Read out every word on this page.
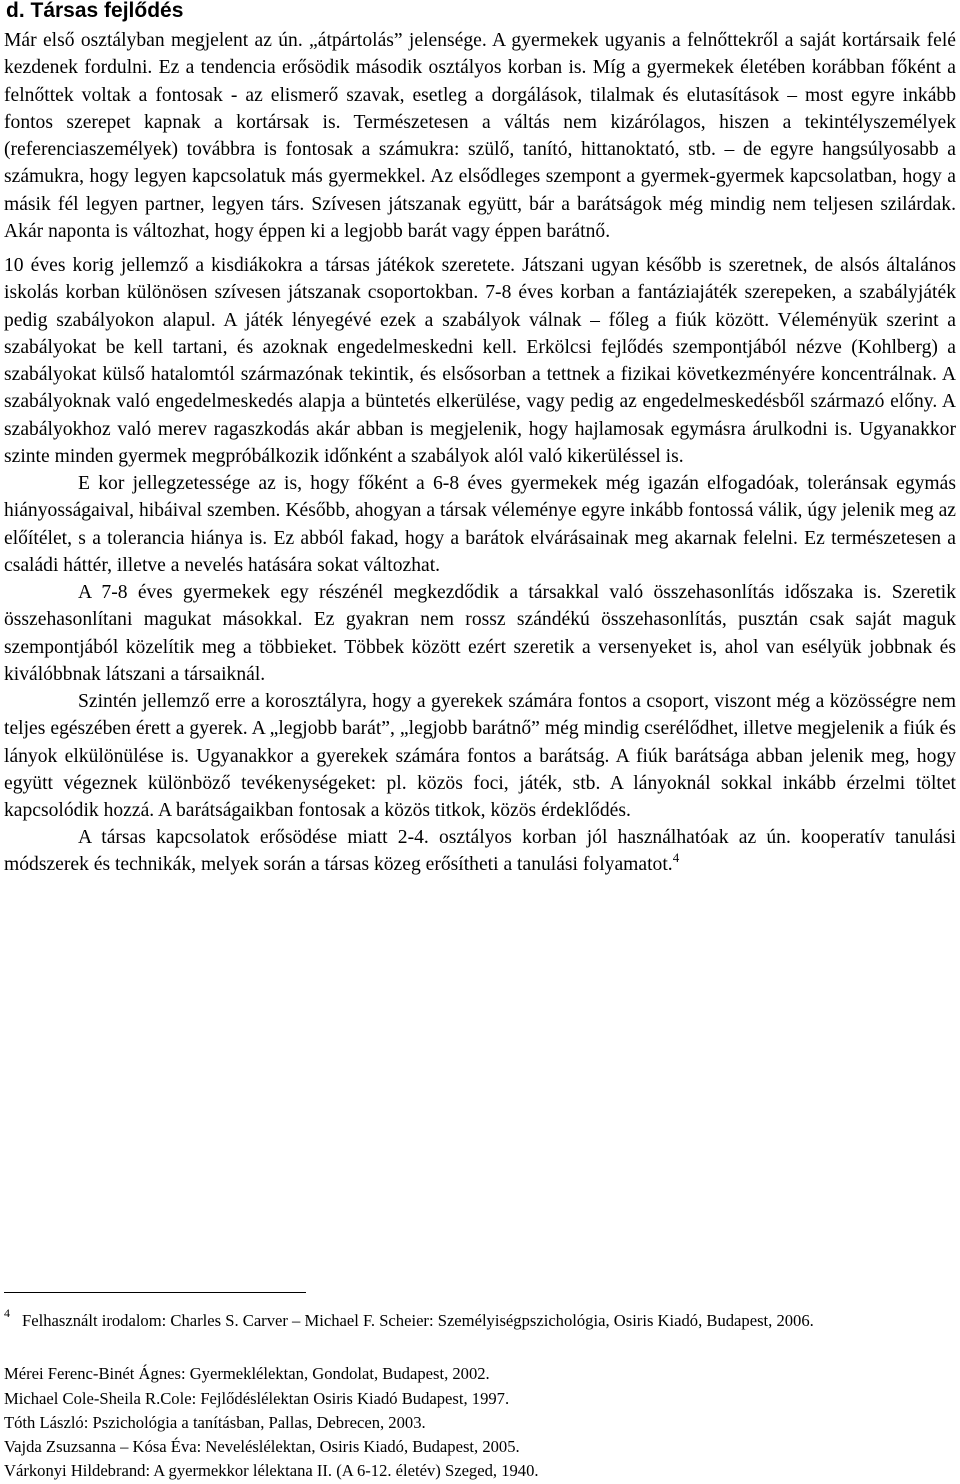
d. Társas fejlődés

Már első osztályban megjelent az ún. „átpártolás” jelensége. A gyermekek ugyanis a felnőttekről a saját kortársaik felé kezdenek fordulni. Ez a tendencia erősödik második osztályos korban is. Míg a gyermekek életében korábban főként a felnőttek voltak a fontosak - az elismerő szavak, esetleg a dorgálások, tilalmak és elutasítások – most egyre inkább fontos szerepet kapnak a kortársak is. Természetesen a váltás nem kizárólagos, hiszen a tekintélyszemélyek (referenciaszemélyek) továbbra is fontosak a számukra: szülő, tanító, hittanoktató, stb. – de egyre hangsúlyosabb a számukra, hogy legyen kapcsolatuk más gyermekkel. Az elsődleges szempont a gyermek-gyermek kapcsolatban, hogy a másik fél legyen partner, legyen társ. Szívesen játszanak együtt, bár a barátságok még mindig nem teljesen szilárdak. Akár naponta is változhat, hogy éppen ki a legjobb barát vagy éppen barátnő.

10 éves korig jellemző a kisdiákokra a társas játékok szeretete. Játszani ugyan később is szeretnek, de alsós általános iskolás korban különösen szívesen játszanak csoportokban. 7-8 éves korban a fantáziajáték szerepeken, a szabályjáték pedig szabályokon alapul. A játék lényegévé ezek a szabályok válnak – főleg a fiúk között. Véleményük szerint a szabályokat be kell tartani, és azoknak engedelmeskedni kell. Erkölcsi fejlődés szempontjából nézve (Kohlberg) a szabályokat külső hatalomtól származónak tekintik, és elsősorban a tettnek a fizikai következményére koncentrálnak. A szabályoknak való engedelmeskedés alapja a büntetés elkerülése, vagy pedig az engedelmeskedésből származó előny. A szabályokhoz való merev ragaszkodás akár abban is megjelenik, hogy hajlamosak egymásra árulkodni is. Ugyanakkor szinte minden gyermek megpróbálkozik időnként a szabályok alól való kikerüléssel is.

E kor jellegzetessége az is, hogy főként a 6-8 éves gyermekek még igazán elfogadóak, toleránsak egymás hiányosságaival, hibáival szemben. Később, ahogyan a társak véleménye egyre inkább fontossá válik, úgy jelenik meg az előítélet, s a tolerancia hiánya is. Ez abból fakad, hogy a barátok elvárásainak meg akarnak felelni. Ez természetesen a családi háttér, illetve a nevelés hatására sokat változhat.

A 7-8 éves gyermekek egy részénél megkezdődik a társakkal való összehasonlítás időszaka is. Szeretik összehasonlítani magukat másokkal. Ez gyakran nem rossz szándékú összehasonlítás, pusztán csak saját maguk szempontjából közelítik meg a többieket. Többek között ezért szeretik a versenyeket is, ahol van esélyük jobbnak és kiválóbbnak látszani a társaiknál.

Szintén jellemző erre a korosztályra, hogy a gyerekek számára fontos a csoport, viszont még a közösségre nem teljes egészében érett a gyerek. A „legjobb barát”, „legjobb barátnő” még mindig cserélődhet, illetve megjelenik a fiúk és lányok elkülönülése is. Ugyanakkor a gyerekek számára fontos a barátság. A fiúk barátsága abban jelenik meg, hogy együtt végeznek különböző tevékenységeket: pl. közös foci, játék, stb. A lányoknál sokkal inkább érzelmi töltet kapcsolódik hozzá. A barátságaikban fontosak a közös titkok, közös érdeklődés.

A társas kapcsolatok erősödése miatt 2-4. osztályos korban jól használhatóak az ún. kooperatív tanulási módszerek és technikák, melyek során a társas közeg erősítheti a tanulási folyamatot.$^4$

$^4$ Felhasznált irodalom: Charles S. Carver – Michael F. Scheier: Személyiségpszichológia, Osiris Kiadó, Budapest, 2006.

Mérei Ferenc-Binét Ágnes: Gyermeklélektan, Gondolat, Budapest, 2002.
Michael Cole-Sheila R.Cole: Fejlődéslélektan Osiris Kiadó Budapest, 1997.
Tóth László: Pszichológia a tanításban, Pallas, Debrecen, 2003.
Vajda Zsuzsanna – Kósa Éva: Neveléslélektan, Osiris Kiadó, Budapest, 2005.
Várkonyi Hildebrand: A gyermekkor lélektana II. (A 6-12. életév) Szeged, 1940.
